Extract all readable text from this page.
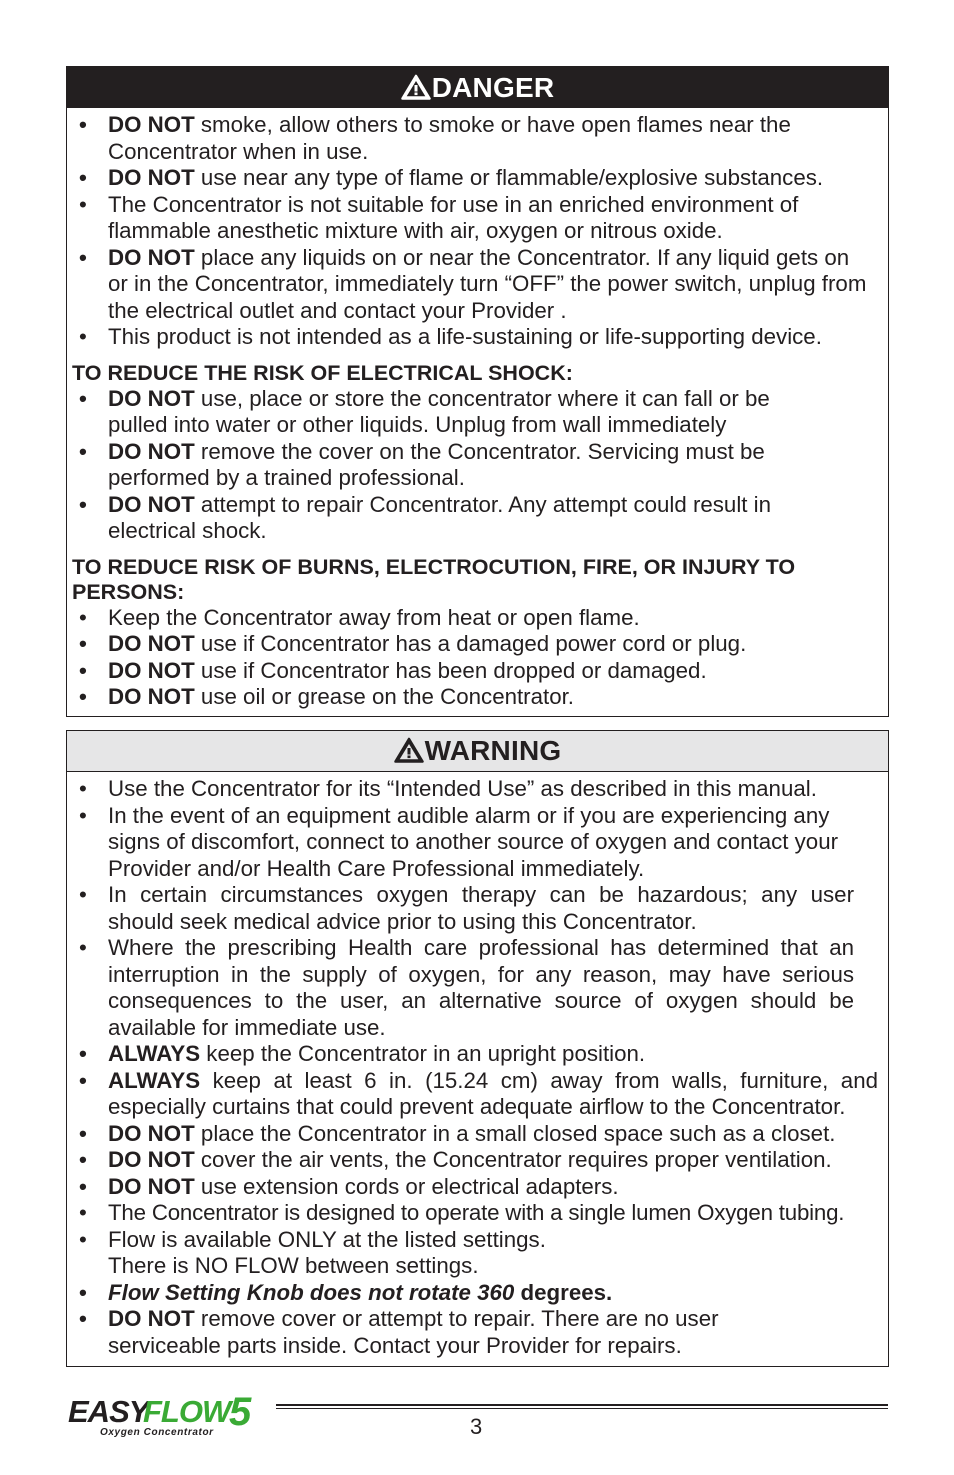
DANGER
• DO NOT smoke, allow others to smoke or have open flames near the Concentrator when in use.
• DO NOT use near any type of flame or flammable/explosive substances.
• The Concentrator is not suitable for use in an enriched environment of flammable anesthetic mixture with air, oxygen or nitrous oxide.
• DO NOT place any liquids on or near the Concentrator. If any liquid gets on or in the Concentrator, immediately turn “OFF” the power switch, unplug from the electrical outlet and contact your Provider .
• This product is not intended as a life-sustaining or life-supporting device.
TO REDUCE THE RISK OF ELECTRICAL SHOCK:
• DO NOT use, place or store the concentrator where it can fall or be pulled into water or other liquids. Unplug from wall immediately
• DO NOT remove the cover on the Concentrator. Servicing must be performed by a trained professional.
• DO NOT attempt to repair Concentrator. Any attempt could result in electrical shock.
TO REDUCE RISK OF BURNS, ELECTROCUTION, FIRE, OR INJURY TO PERSONS:
• Keep the Concentrator away from heat or open flame.
• DO NOT use if Concentrator has a damaged power cord or plug.
• DO NOT use if Concentrator has been dropped or damaged.
• DO NOT use oil or grease on the Concentrator.
WARNING
• Use the Concentrator for its “Intended Use” as described in this manual.
• In the event of an equipment audible alarm or if you are experiencing any signs of discomfort, connect to another source of oxygen and contact your Provider and/or Health Care Professional immediately.
• In certain circumstances oxygen therapy can be hazardous; any user should seek medical advice prior to using this Concentrator.
• Where the prescribing Health care professional has determined that an interruption in the supply of oxygen, for any reason, may have serious consequences to the user, an alternative source of oxygen should be available for immediate use.
• ALWAYS keep the Concentrator in an upright position.
• ALWAYS keep at least 6 in. (15.24 cm) away from walls, furniture, and especially curtains that could prevent adequate airflow to the Concentrator.
• DO NOT place the Concentrator in a small closed space such as a closet.
• DO NOT cover the air vents, the Concentrator requires proper ventilation.
• DO NOT use extension cords or electrical adapters.
• The Concentrator is designed to operate with a single lumen Oxygen tubing.
• Flow is available ONLY at the listed settings.
There is NO FLOW between settings.
• Flow Setting Knob does not rotate 360 degrees.
• DO NOT remove cover or attempt to repair. There are no user serviceable parts inside. Contact your Provider for repairs.
EASY
FLOW
5
Oxygen Concentrator	3
